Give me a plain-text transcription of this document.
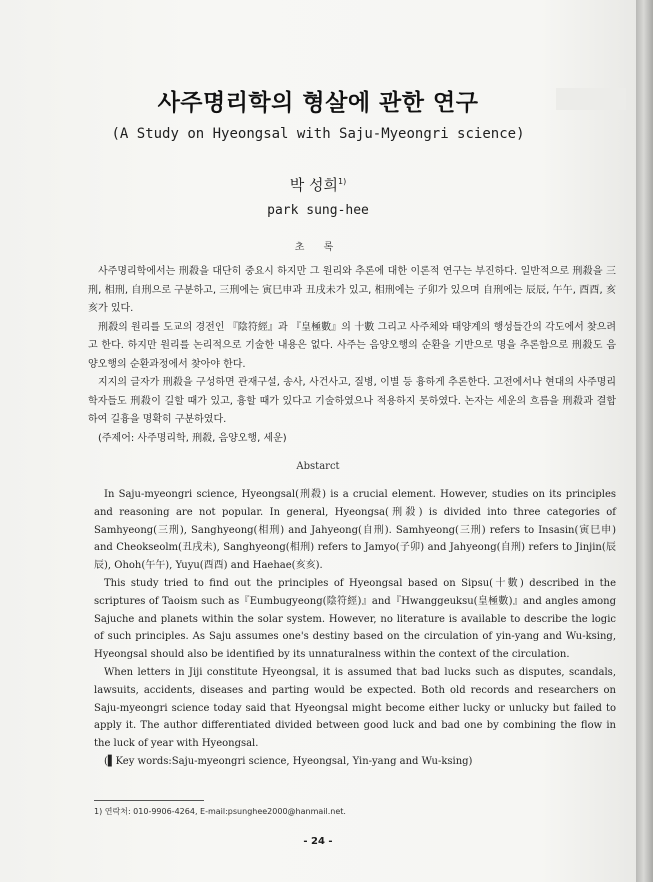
사주명리학의 형살에 관한 연구
(A Study on Hyeongsal with Saju-Myeongri science)
박 성희$^{1)}$
park sung-hee
초 록

사주명리학에서는 刑殺을 대단히 중요시 하지만 그 원리와 추론에 대한 이론적 연구는 부진하다. 일반적으로 刑殺을 三刑, 相刑, 自刑으로 구분하고, 三刑에는 寅巳申과 丑戌未가 있고, 相刑에는 子卯가 있으며 自刑에는 辰辰, 午午, 酉酉, 亥亥가 있다.

刑殺의 원리를 도교의 경전인 『陰符經』과 『皇極數』의 十數 그리고 사주체와 태양계의 행성들간의 각도에서 찾으려고 한다. 하지만 원리를 논리적으로 기술한 내용은 없다. 사주는 음양오행의 순환을 기반으로 명을 추론함으로 刑殺도 음양오행의 순환과정에서 찾아야 한다.

지지의 글자가 刑殺을 구성하면 관재구설, 송사, 사건사고, 질병, 이별 등 흉하게 추론한다. 고전에서나 현대의 사주명리학자들도 刑殺이 길할 때가 있고, 흉할 때가 있다고 기술하였으나 적용하지 못하였다. 논자는 세운의 흐름을 刑殺과 결합하여 길흉을 명확히 구분하였다.

(주제어: 사주명리학, 刑殺, 음양오행, 세운)

Abstarct

In Saju-myeongri science, Hyeongsal(刑殺) is a crucial element. However, studies on its principles and reasoning are not popular. In general, Hyeongsa(刑殺) is divided into three categories of Samhyeong(三刑), Sanghyeong(相刑) and Jahyeong(自刑). Samhyeong(三刑) refers to Insasin(寅巳申) and Cheokseolm(丑戌未), Sanghyeong(相刑) refers to Jamyo(子卯) and Jahyeong(自刑) refers to Jinjin(辰辰), Ohoh(午午), Yuyu(酉酉) and Haehae(亥亥).

This study tried to find out the principles of Hyeongsal based on Sipsu(十數) described in the scriptures of Taoism such as『Eumbugyeong(陰符經)』and『Hwanggeuksu(皇極數)』and angles among Sajuche and planets within the solar system. However, no literature is available to describe the logic of such principles. As Saju assumes one's destiny based on the circulation of yin-yang and Wu-ksing, Hyeongsal should also be identified by its unnaturalness within the context of the circulation.

When letters in Jiji constitute Hyeongsal, it is assumed that bad lucks such as disputes, scandals, lawsuits, accidents, diseases and parting would be expected. Both old records and researchers on Saju-myeongri science today said that Hyeongsal might become either lucky or unlucky but failed to apply it. The author differentiated divided between good luck and bad one by combining the flow in the luck of year with Hyeongsal.

(▌Key words:Saju-myeongri science, Hyeongsal, Yin-yang and Wu-ksing)

1) 연락처: 010-9906-4264, E-mail:psunghee2000@hanmail.net.
- 24 -
